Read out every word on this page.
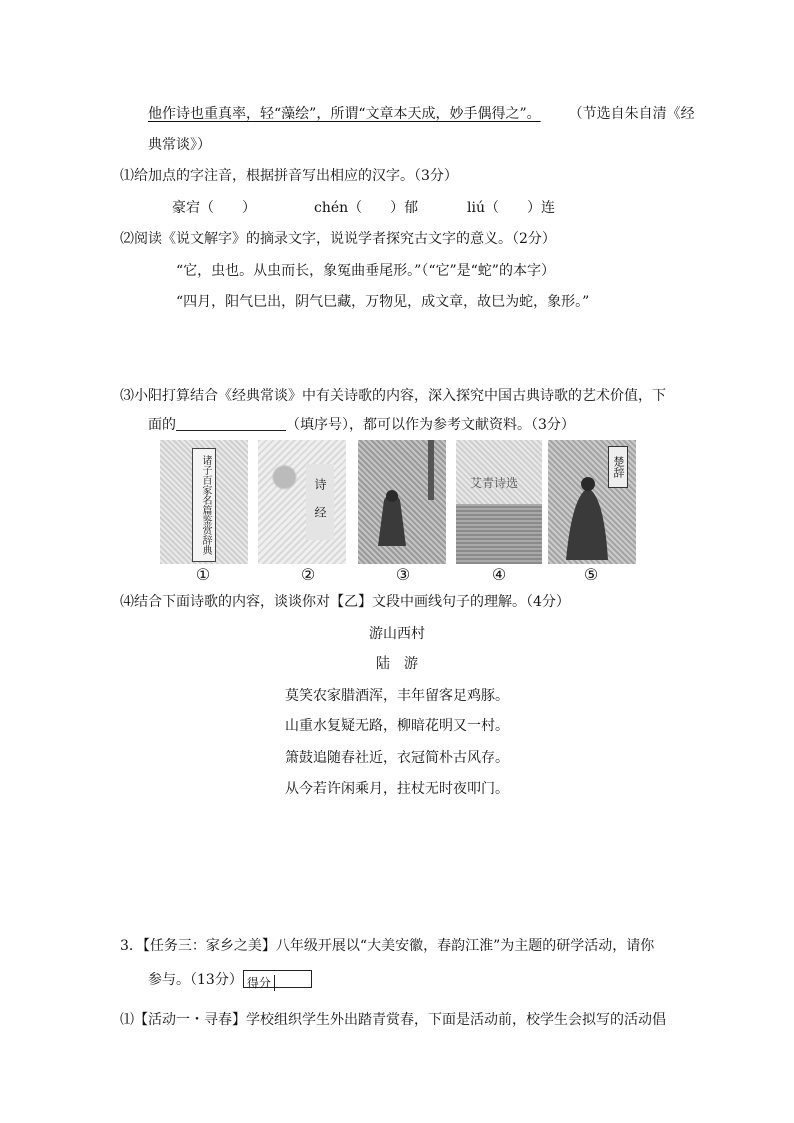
他作诗也重真率，轻“藻绘”，所谓“文章本天成，妙手偶得之”。 （节选自朱自清《经
典常谈》）
⑴给加点的字注音，根据拼音写出相应的汉字。（3分）
豪宕（　　）	chén（　　）郁	liú（　　）连
⑵阅读《说文解字》的摘录文字，说说学者探究古文字的意义。（2分）
“它，虫也。从虫而长，象冤曲垂尾形。”（“它”是“蛇”的本字）
“四月，阳气巳出，阴气巳藏，万物见，成文章，故巳为蛇，象形。”
⑶小阳打算结合《经典常谈》中有关诗歌的内容，深入探究中国古典诗歌的艺术价值，下
面的	（填序号），都可以作为参考文献资料。（3分）
诸子百家名篇鉴赏辞典	诗经	艾青诗选
楚辞
①	②	③	④	⑤
⑷结合下面诗歌的内容，谈谈你对【乙】文段中画线句子的理解。（4分）
游山西村
陆　游
莫笑农家腊酒浑，丰年留客足鸡豚。
山重水复疑无路，柳暗花明又一村。
箫鼓追随春社近，衣冠简朴古风存。
从今若许闲乘月，拄杖无时夜叩门。
3．【任务三：家乡之美】八年级开展以“大美安徽，春韵江淮”为主题的研学活动，请你
参与。（13分） 得分
⑴【活动一・寻春】学校组织学生外出踏青赏春，下面是活动前，校学生会拟写的活动倡
